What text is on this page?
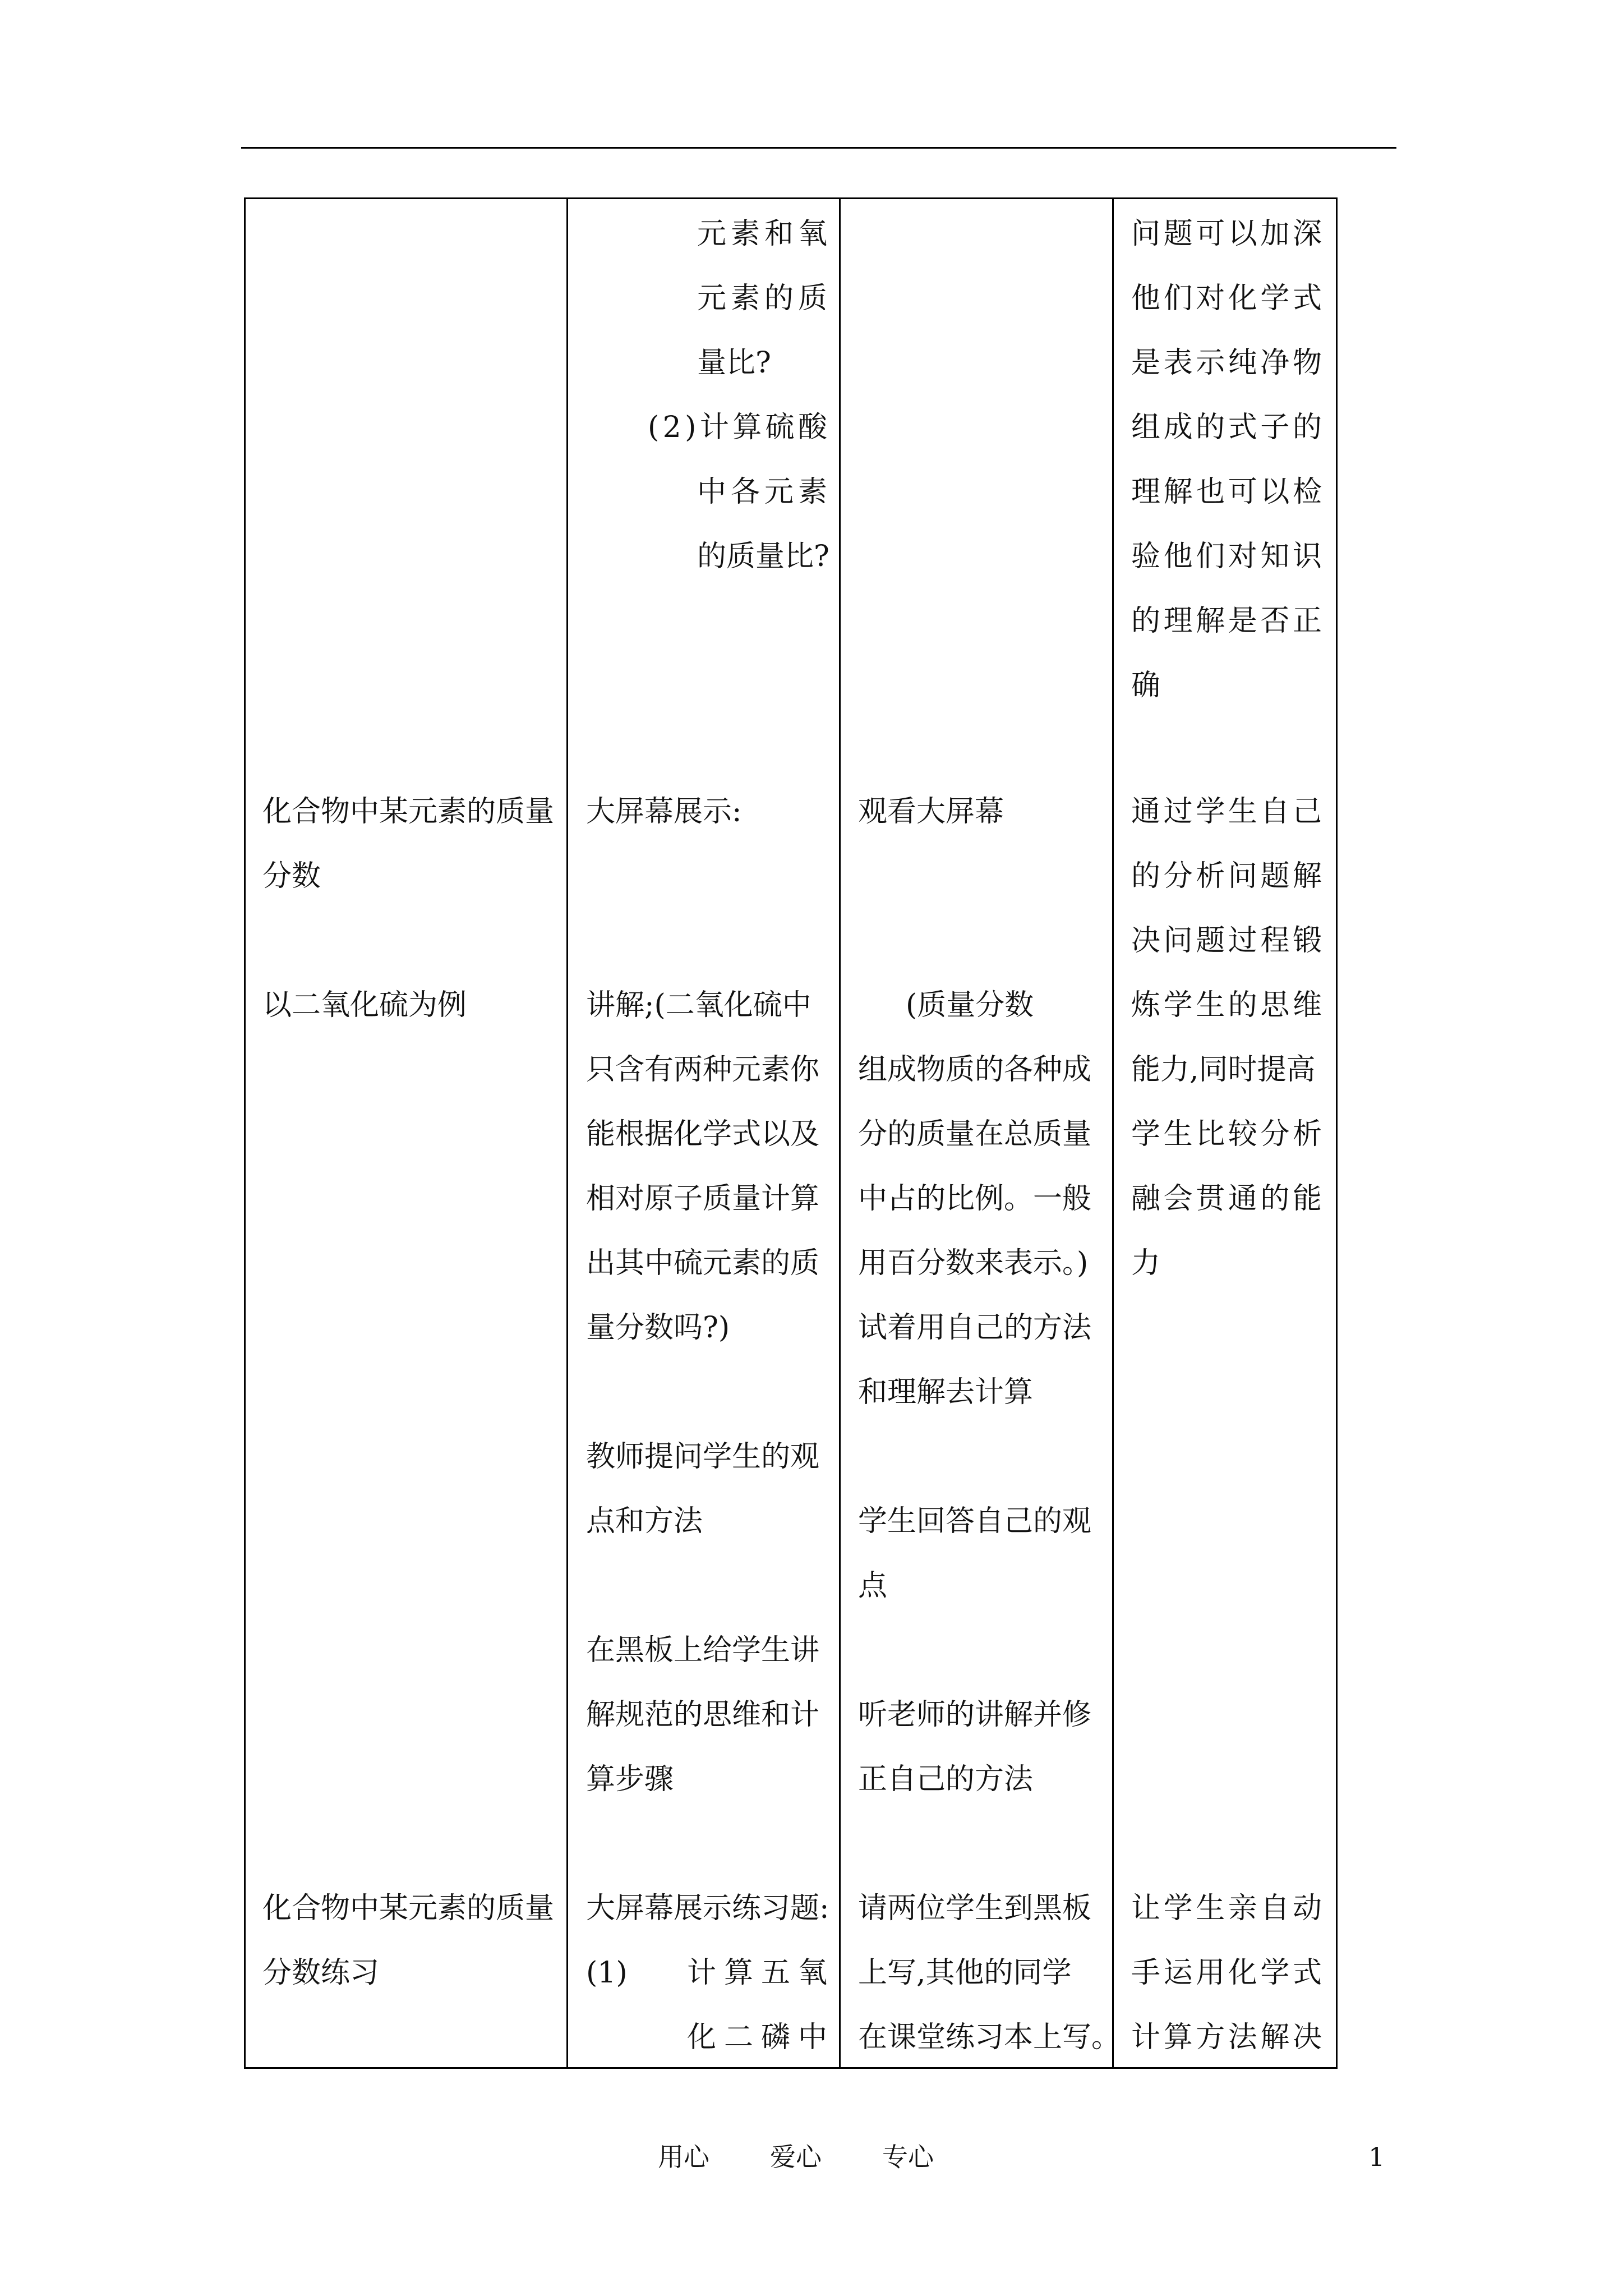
元 素 和 氧
元 素 的 质
量比?
( 2 ) 计 算 硫 酸
中 各 元 素
的质量比?
问 题 可 以 加 深
他 们 对 化 学 式
是 表 示 纯 净 物
组 成 的 式 子 的
理 解 也 可 以 检
验 他 们 对 知 识
的 理 解 是 否 正
确
化合物中某元素的质量
分数
以二氧化硫为例
大屏幕展示:
讲解;(二氧化硫中
只含有两种元素你
能根据化学式以及
相对原子质量计算
出其中硫元素的质
量分数吗?)
教师提问学生的观
点和方法
在黑板上给学生讲
解规范的思维和计
算步骤
观看大屏幕
(质量分数
组成物质的各种成
分的质量在总质量
中占的比例。一般
用百分数来表示。)
试着用自己的方法
和理解去计算
学生回答自己的观
点
听老师的讲解并修
正自己的方法
通 过 学 生 自 己
的 分 析 问 题 解
决 问 题 过 程 锻
炼 学 生 的 思 维
能力,同时提高
学 生 比 较 分 析
融 会 贯 通 的 能
力
化合物中某元素的质量
分数练习
大屏幕展示练习题:
(1) 计 算 五 氧
化 二 磷 中
请两位学生到黑板
上写,其他的同学
在课堂练习本上写。
让 学 生 亲 自 动
手 运 用 化 学 式
计 算 方 法 解 决
用心 爱心 专心	1
